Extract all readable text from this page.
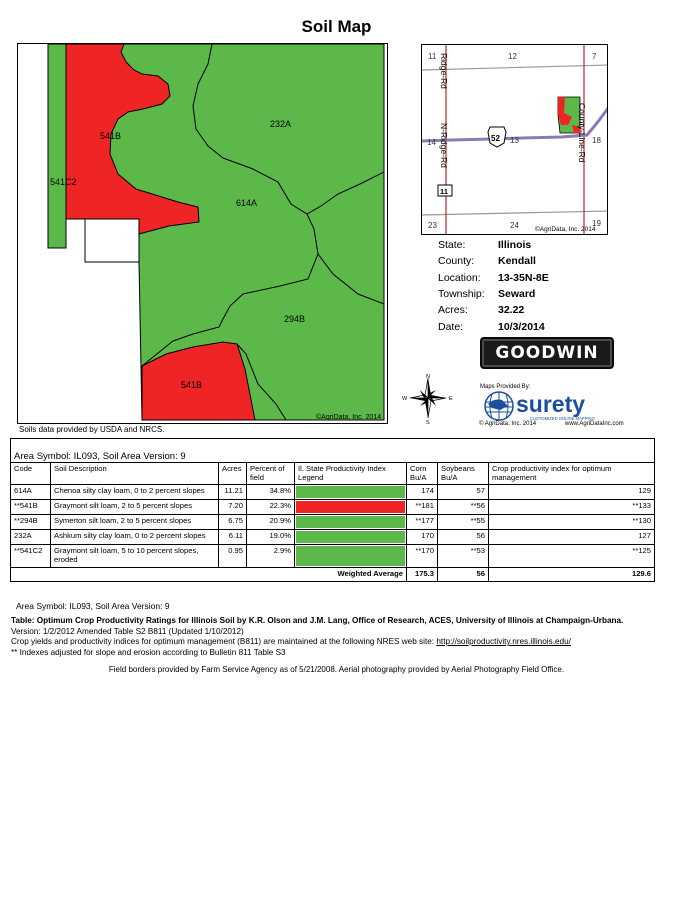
Soil Map
541B
541C2
232A
614A
294B
541B
©AgriData, Inc. 2014
Soils data provided by USDA and NRCS.
11	12	7
14	13	18
23	24	19
Ridge-Rd
N-Ridge-Rd	County-Line-Rd
52
11
©AgriData, Inc. 2014
State:	Illinois
County:	Kendall
Location:	13-35N-8E
Township:	Seward
Acres:	32.22
Date:	10/3/2014
GOODWIN
N
S
W	E
Maps Provided By:
surety
CUSTOMIZED ONLINE MAPPING
© AgriData, Inc. 2014	www.AgriDataInc.com
Area Symbol: IL093, Soil Area Version: 9							
Code	Soil Description	Acres	Percent of field	Il. State Productivity Index Legend	Corn Bu/A	Soybeans Bu/A	Crop productivity index for optimum management
614A	Chenoa silty clay loam, 0 to 2 percent slopes	11.21	34.8%		174	57	129
**541B	Graymont silt loam, 2 to 5 percent slopes	7.20	22.3%		**181	**56	**133
**294B	Symerton silt loam, 2 to 5 percent slopes	6.75	20.9%		**177	**55	**130
232A	Ashkum silty clay loam, 0 to 2 percent slopes	6.11	19.0%		170	56	127
**541C2	Graymont silt loam, 5 to 10 percent slopes, eroded	0.95	2.9%		**170	**53	**125
Weighted Average					175.3	56	129.6
Area Symbol: IL093, Soil Area Version: 9
Table: Optimum Crop Productivity Ratings for Illinois Soil by K.R. Olson and J.M. Lang, Office of Research, ACES, University of Illinois at Champaign-Urbana. Version: 1/2/2012 Amended Table S2 B811 (Updated 1/10/2012)
Crop yields and productivity indices for optimum management (B811) are maintained at the following NRES web site: http://soilproductivity.nres.illinois.edu/
** Indexes adjusted for slope and erosion according to Bulletin 811 Table S3
Field borders provided by Farm Service Agency as of 5/21/2008. Aerial photography provided by Aerial Photography Field Office.
